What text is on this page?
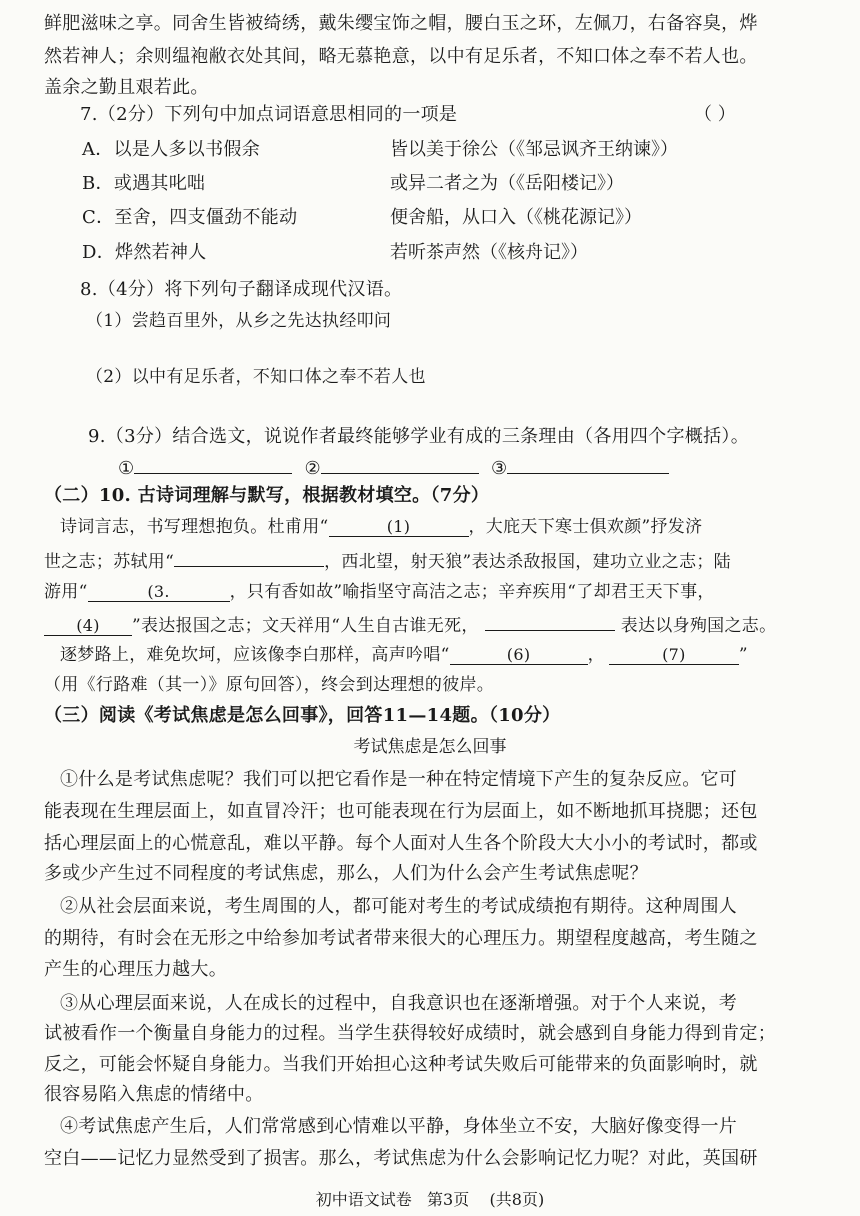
鲜肥滋味之享。同舍生皆被绮绣，戴朱缨宝饰之帽，腰白玉之环，左佩刀，右备容臭，烨
然若神人；余则缊袍敝衣处其间，略无慕艳意，以中有足乐者，不知口体之奉不若人也。
盖余之勤且艰若此。
7.（2分）下列句中加点词语意思相同的一项是	（ ）
A．以是人多以书假余	皆以美于徐公（《邹忌讽齐王纳谏》）
B．或遇其叱咄	或异二者之为（《岳阳楼记》）
C．至舍，四支僵劲不能动	便舍船，从口入（《桃花源记》）
D．烨然若神人	若听茶声然（《核舟记》）
8.（4分）将下列句子翻译成现代汉语。
（1）尝趋百里外，从乡之先达执经叩问
（2）以中有足乐者，不知口体之奉不若人也
9.（3分）结合选文，说说作者最终能够学业有成的三条理由（各用四个字概括）。
①	②	③
（二）10. 古诗词理解与默写，根据教材填空。（7分）
诗词言志，书写理想抱负。杜甫用“	(1)	，大庇天下寒士俱欢颜”抒发济
世之志；苏轼用“	，西北望，射天狼”表达杀敌报国，建功立业之志；陆
游用“	(3.	，只有香如故”喻指坚守高洁之志；辛弃疾用“了却君王天下事，
(4) ”表达报国之志；文天祥用“人生自古谁无死，	表达以身殉国之志。
逐梦路上，难免坎坷，应该像李白那样，高声吟唱“	(6)	，	(7)	”
（用《行路难（其一）》原句回答），终会到达理想的彼岸。
（三）阅读《考试焦虑是怎么回事》，回答11—14题。（10分）
考试焦虑是怎么回事
①什么是考试焦虑呢？我们可以把它看作是一种在特定情境下产生的复杂反应。它可
能表现在生理层面上，如直冒冷汗；也可能表现在行为层面上，如不断地抓耳挠腮；还包
括心理层面上的心慌意乱，难以平静。每个人面对人生各个阶段大大小小的考试时，都或
多或少产生过不同程度的考试焦虑，那么，人们为什么会产生考试焦虑呢？
②从社会层面来说，考生周围的人，都可能对考生的考试成绩抱有期待。这种周围人
的期待，有时会在无形之中给参加考试者带来很大的心理压力。期望程度越高，考生随之
产生的心理压力越大。
③从心理层面来说，人在成长的过程中，自我意识也在逐渐增强。对于个人来说，考
试被看作一个衡量自身能力的过程。当学生获得较好成绩时，就会感到自身能力得到肯定；
反之，可能会怀疑自身能力。当我们开始担心这种考试失败后可能带来的负面影响时，就
很容易陷入焦虑的情绪中。
④考试焦虑产生后，人们常常感到心情难以平静，身体坐立不安，大脑好像变得一片
空白——记忆力显然受到了损害。那么，考试焦虑为什么会影响记忆力呢？对此，英国研
初中语文试卷   第3页    (共8页)
